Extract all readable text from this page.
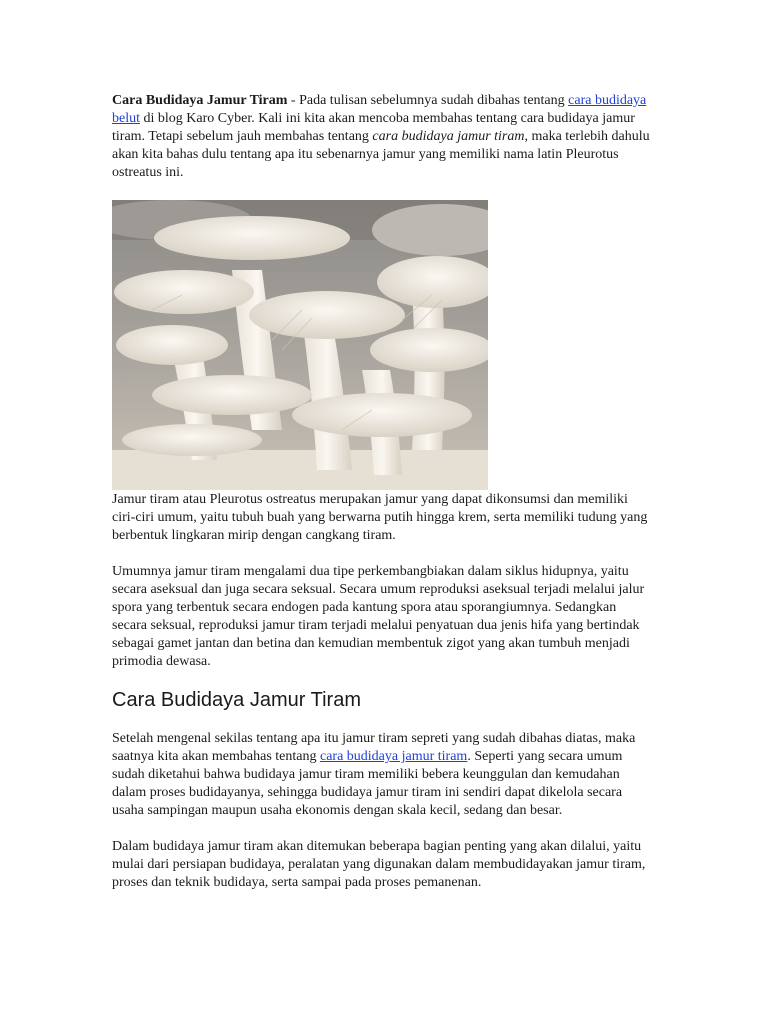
Cara Budidaya Jamur Tiram - Pada tulisan sebelumnya sudah dibahas tentang cara budidaya belut di blog Karo Cyber. Kali ini kita akan mencoba membahas tentang cara budidaya jamur tiram. Tetapi sebelum jauh membahas tentang cara budidaya jamur tiram, maka terlebih dahulu akan kita bahas dulu tentang apa itu sebenarnya jamur yang memiliki nama latin Pleurotus ostreatus ini.

Jamur tiram atau Pleurotus ostreatus merupakan jamur yang dapat dikonsumsi dan memiliki ciri-ciri umum, yaitu tubuh buah yang berwarna putih hingga krem, serta memiliki tudung yang berbentuk lingkaran mirip dengan cangkang tiram.

Umumnya jamur tiram mengalami dua tipe perkembangbiakan dalam siklus hidupnya, yaitu secara aseksual dan juga secara seksual. Secara umum reproduksi aseksual terjadi melalui jalur spora yang terbentuk secara endogen pada kantung spora atau sporangiumnya. Sedangkan secara seksual, reproduksi jamur tiram terjadi melalui penyatuan dua jenis hifa yang bertindak sebagai gamet jantan dan betina dan kemudian membentuk zigot yang akan tumbuh menjadi primodia dewasa.

Cara Budidaya Jamur Tiram

Setelah mengenal sekilas tentang apa itu jamur tiram sepreti yang sudah dibahas diatas, maka saatnya kita akan membahas tentang cara budidaya jamur tiram. Seperti yang secara umum sudah diketahui bahwa budidaya jamur tiram memiliki bebera keunggulan dan kemudahan dalam proses budidayanya, sehingga budidaya jamur tiram ini sendiri dapat dikelola secara usaha sampingan maupun usaha ekonomis dengan skala kecil, sedang dan besar.

Dalam budidaya jamur tiram akan ditemukan beberapa bagian penting yang akan dilalui, yaitu mulai dari persiapan budidaya, peralatan yang digunakan dalam membudidayakan jamur tiram, proses dan teknik budidaya, serta sampai pada proses pemanenan.
